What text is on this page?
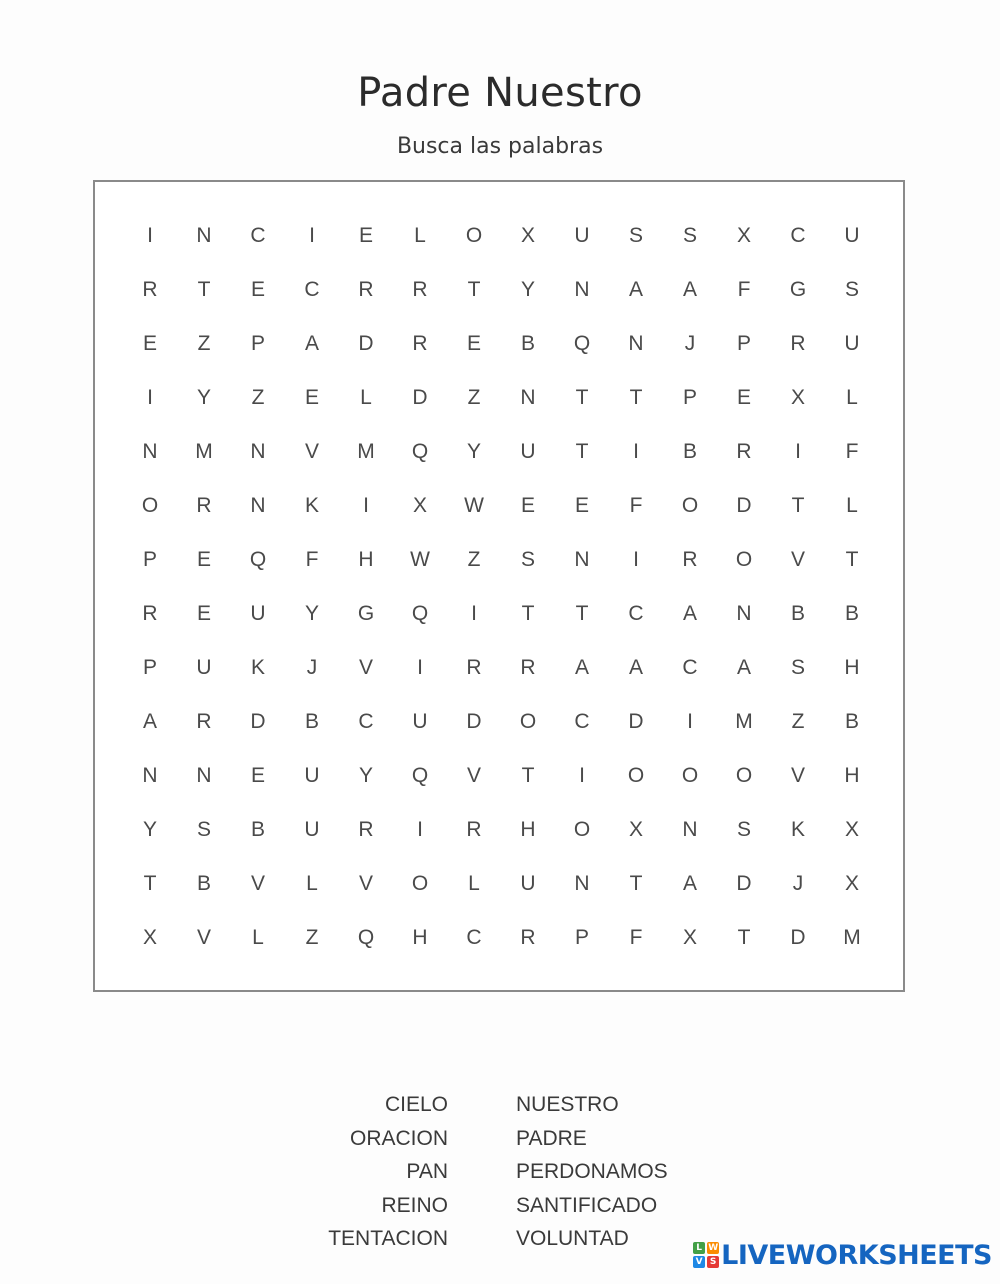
Padre Nuestro
Busca las palabras
I	N	C	I	E	L	O	X	U	S	S	X	C	U
R	T	E	C	R	R	T	Y	N	A	A	F	G	S
E	Z	P	A	D	R	E	B	Q	N	J	P	R	U
I	Y	Z	E	L	D	Z	N	T	T	P	E	X	L
N	M	N	V	M	Q	Y	U	T	I	B	R	I	F
O	R	N	K	I	X	W	E	E	F	O	D	T	L
P	E	Q	F	H	W	Z	S	N	I	R	O	V	T
R	E	U	Y	G	Q	I	T	T	C	A	N	B	B
P	U	K	J	V	I	R	R	A	A	C	A	S	H
A	R	D	B	C	U	D	O	C	D	I	M	Z	B
N	N	E	U	Y	Q	V	T	I	O	O	O	V	H
Y	S	B	U	R	I	R	H	O	X	N	S	K	X
T	B	V	L	V	O	L	U	N	T	A	D	J	X
X	V	L	Z	Q	H	C	R	P	F	X	T	D	M
CIELO
ORACION
PAN
REINO
TENTACION
NUESTRO
PADRE
PERDONAMOS
SANTIFICADO
VOLUNTAD	L W
V S LIVEWORKSHEETS
